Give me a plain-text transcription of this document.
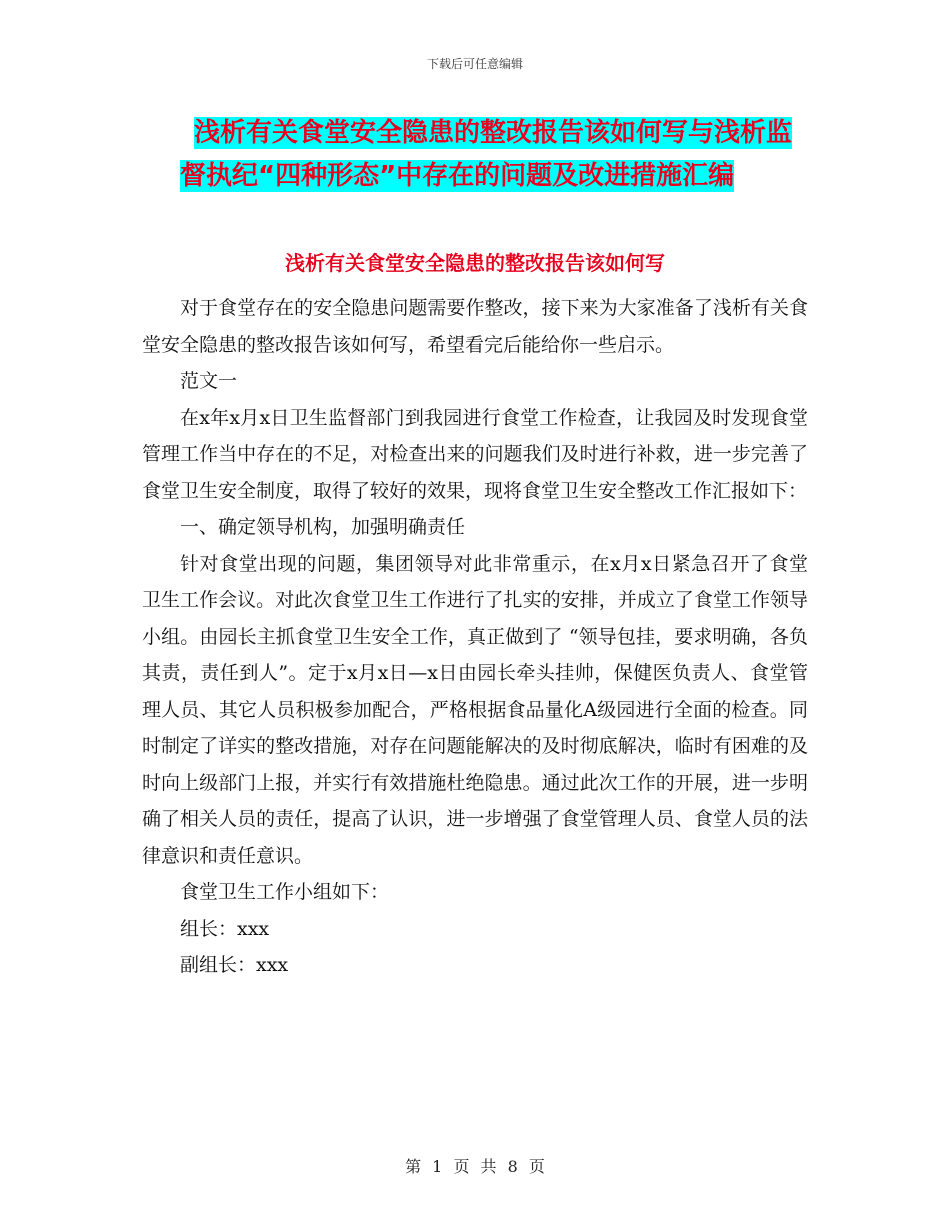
下载后可任意编辑
浅析有关食堂安全隐患的整改报告该如何写与浅析监
督执纪“四种形态”中存在的问题及改进措施汇编
浅析有关食堂安全隐患的整改报告该如何写

对于食堂存在的安全隐患问题需要作整改，接下来为大家准备了浅析有关食堂安全隐患的整改报告该如何写，希望看完后能给你一些启示。

范文一

在x年x月x日卫生监督部门到我园进行食堂工作检查，让我园及时发现食堂管理工作当中存在的不足，对检查出来的问题我们及时进行补救，进一步完善了食堂卫生安全制度，取得了较好的效果，现将食堂卫生安全整改工作汇报如下：

一、确定领导机构，加强明确责任

针对食堂出现的问题，集团领导对此非常重示，在x月x日紧急召开了食堂卫生工作会议。对此次食堂卫生工作进行了扎实的安排，并成立了食堂工作领导小组。由园长主抓食堂卫生安全工作，真正做到了 “领导包挂，要求明确，各负其责，责任到人”。定于x月x日—x日由园长牵头挂帅，保健医负责人、食堂管理人员、其它人员积极参加配合，严格根据食品量化A级园进行全面的检查。同时制定了详实的整改措施，对存在问题能解决的及时彻底解决，临时有困难的及时向上级部门上报，并实行有效措施杜绝隐患。通过此次工作的开展，进一步明确了相关人员的责任，提高了认识，进一步增强了食堂管理人员、食堂人员的法律意识和责任意识。

食堂卫生工作小组如下：

组长：xxx

副组长：xxx

第 1 页 共 8 页
